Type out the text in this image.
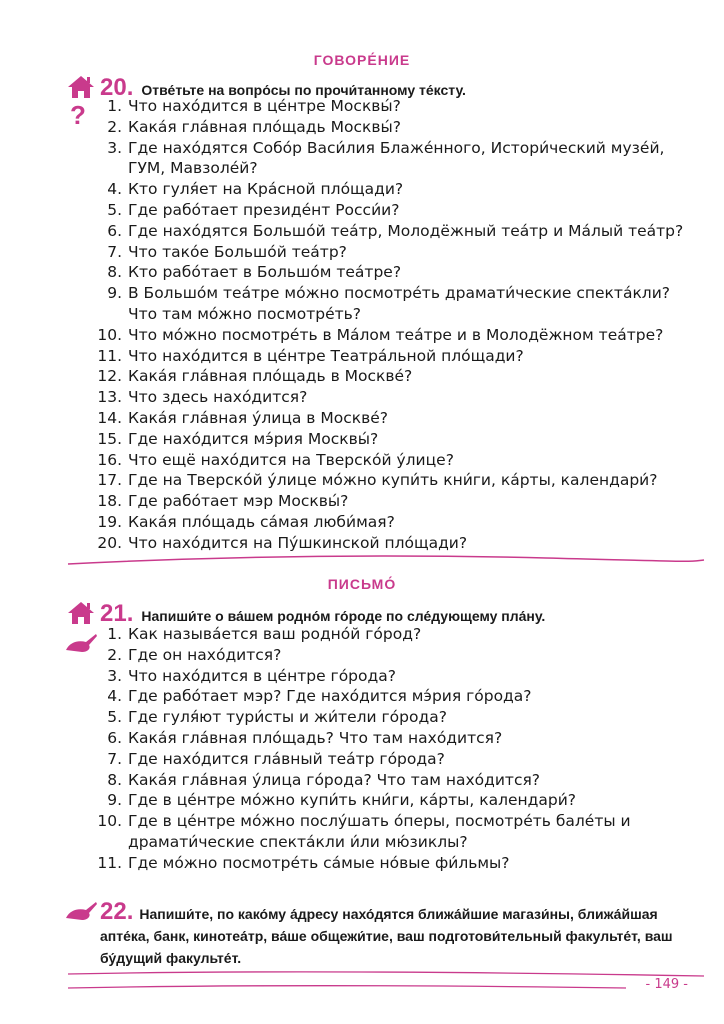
ГОВОРЕ́НИЕ
?
20. Отве́тьте на вопро́сы по прочи́танному те́ксту.
1. Что нахо́дится в це́нтре Москвы́?
2. Кака́я гла́вная пло́щадь Москвы́?
3. Где нахо́дятся Собо́р Васи́лия Блаже́нного, Истори́ческий музе́й, ГУМ, Мавзоле́й?
4. Кто гуля́ет на Кра́сной пло́щади?
5. Где рабо́тает президе́нт Росси́и?
6. Где нахо́дятся Большо́й теа́тр, Молодёжный теа́тр и Ма́лый теа́тр?
7. Что тако́е Большо́й теа́тр?
8. Кто рабо́тает в Большо́м теа́тре?
9. В Большо́м теа́тре мо́жно посмотре́ть драмати́ческие спекта́кли? Что там мо́жно посмотре́ть?
10. Что мо́жно посмотре́ть в Ма́лом теа́тре и в Молодёжном теа́тре?
11. Что нахо́дится в це́нтре Театра́льной пло́щади?
12. Кака́я гла́вная пло́щадь в Москве́?
13. Что здесь нахо́дится?
14. Кака́я гла́вная у́лица в Москве́?
15. Где нахо́дится мэ́рия Москвы́?
16. Что ещё нахо́дится на Тверско́й у́лице?
17. Где на Тверско́й у́лице мо́жно купи́ть кни́ги, ка́рты, календари́?
18. Где рабо́тает мэр Москвы́?
19. Кака́я пло́щадь са́мая люби́мая?
20. Что нахо́дится на Пу́шкинской пло́щади?
ПИСЬМО́
21. Напиши́те о ва́шем родно́м го́роде по сле́дующему пла́ну.
1. Как называ́ется ваш родно́й го́род?
2. Где он нахо́дится?
3. Что нахо́дится в це́нтре го́рода?
4. Где рабо́тает мэр? Где нахо́дится мэ́рия го́рода?
5. Где гуля́ют тури́сты и жи́тели го́рода?
6. Кака́я гла́вная пло́щадь? Что там нахо́дится?
7. Где нахо́дится гла́вный теа́тр го́рода?
8. Кака́я гла́вная у́лица го́рода? Что там нахо́дится?
9. Где в це́нтре мо́жно купи́ть кни́ги, ка́рты, календари́?
10. Где в це́нтре мо́жно послу́шать о́перы, посмотре́ть бале́ты и драмати́ческие спекта́кли и́ли мю́зиклы?
11. Где мо́жно посмотре́ть са́мые но́вые фи́льмы?
22. Напиши́те, по како́му а́дресу нахо́дятся ближа́йшие магази́ны, ближа́йшая апте́ка, банк, кинотеа́тр, ва́ше общежи́тие, ваш подготови́тельный факульте́т, ваш бу́дущий факульте́т.
- 149 -
